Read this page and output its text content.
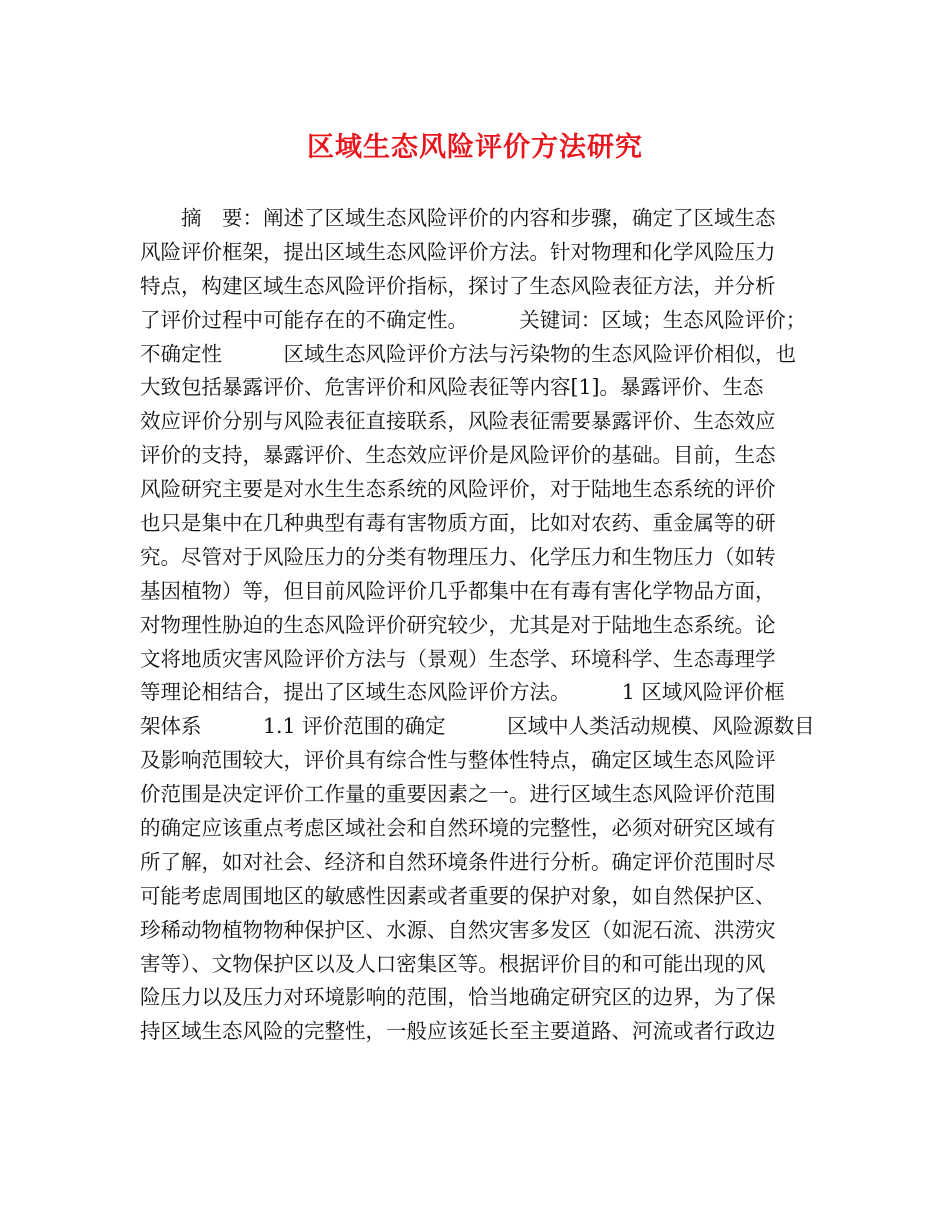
区域生态风险评价方法研究
　　摘　要：阐述了区域生态风险评价的内容和步骤，确定了区域生态
风险评价框架，提出区域生态风险评价方法。针对物理和化学风险压力
特点，构建区域生态风险评价指标，探讨了生态风险表征方法，并分析
了评价过程中可能存在的不确定性。　　　关键词：区域；生态风险评价；
不确定性　　　区域生态风险评价方法与污染物的生态风险评价相似，也
大致包括暴露评价、危害评价和风险表征等内容[1]。暴露评价、生态
效应评价分别与风险表征直接联系，风险表征需要暴露评价、生态效应
评价的支持，暴露评价、生态效应评价是风险评价的基础。目前，生态
风险研究主要是对水生生态系统的风险评价，对于陆地生态系统的评价
也只是集中在几种典型有毒有害物质方面，比如对农药、重金属等的研
究。尽管对于风险压力的分类有物理压力、化学压力和生物压力（如转
基因植物）等，但目前风险评价几乎都集中在有毒有害化学物品方面，
对物理性胁迫的生态风险评价研究较少，尤其是对于陆地生态系统。论
文将地质灾害风险评价方法与（景观）生态学、环境科学、生态毒理学
等理论相结合，提出了区域生态风险评价方法。　　　1 区域风险评价框
架体系　　　1.1 评价范围的确定　　　区域中人类活动规模、风险源数目
及影响范围较大，评价具有综合性与整体性特点，确定区域生态风险评
价范围是决定评价工作量的重要因素之一。进行区域生态风险评价范围
的确定应该重点考虑区域社会和自然环境的完整性，必须对研究区域有
所了解，如对社会、经济和自然环境条件进行分析。确定评价范围时尽
可能考虑周围地区的敏感性因素或者重要的保护对象，如自然保护区、
珍稀动物植物物种保护区、水源、自然灾害多发区（如泥石流、洪涝灾
害等）、文物保护区以及人口密集区等。根据评价目的和可能出现的风
险压力以及压力对环境影响的范围，恰当地确定研究区的边界，为了保
持区域生态风险的完整性，一般应该延长至主要道路、河流或者行政边
